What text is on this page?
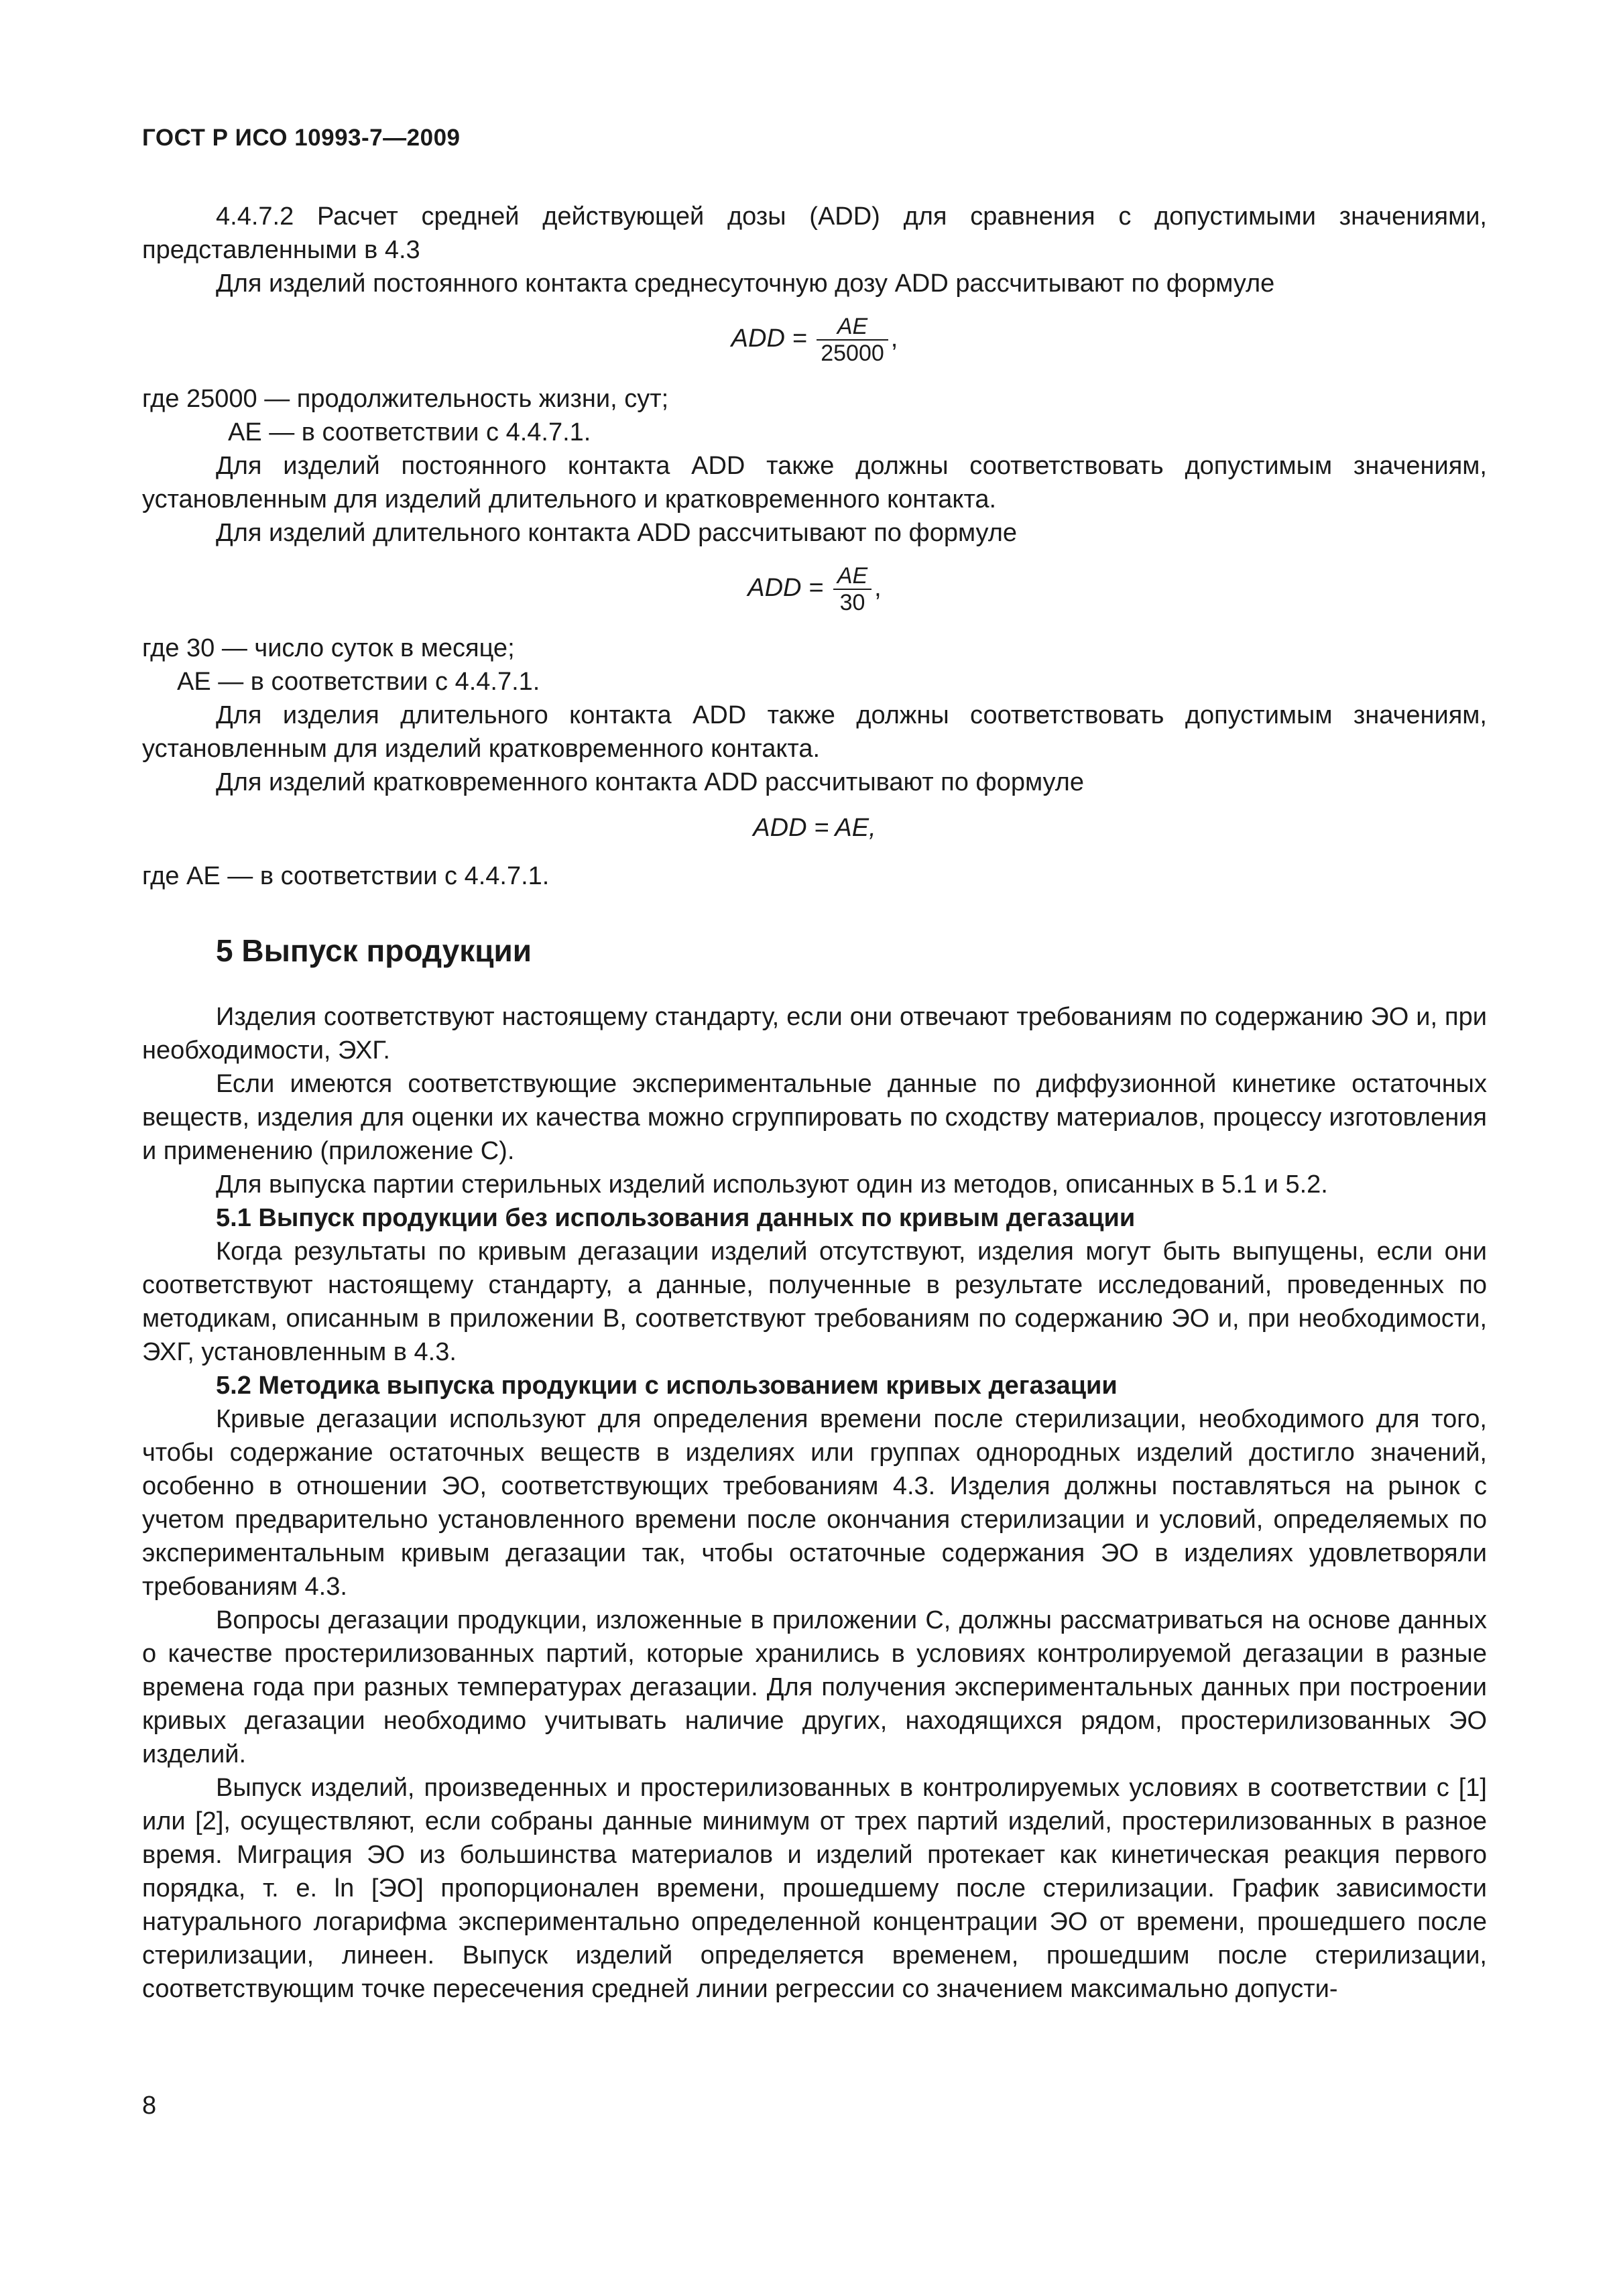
ГОСТ Р ИСО 10993-7—2009

4.4.7.2 Расчет средней действующей дозы (ADD) для сравнения с допустимыми значениями, представленными в 4.3

Для изделий постоянного контакта среднесуточную дозу ADD рассчитывают по формуле

ADD = $\frac{AE}{25000}$ ,

где 25000 — продолжительность жизни, сут;

AE — в соответствии с 4.4.7.1.

Для изделий постоянного контакта ADD также должны соответствовать допустимым значениям, установленным для изделий длительного и кратковременного контакта.

Для изделий длительного контакта ADD рассчитывают по формуле

ADD = $\frac{AE}{30}$ ,

где 30 — число суток в месяце;

AE — в соответствии с 4.4.7.1.

Для изделия длительного контакта ADD также должны соответствовать допустимым значениям, установленным для изделий кратковременного контакта.

Для изделий кратковременного контакта ADD рассчитывают по формуле

ADD = AE,

где AE — в соответствии с 4.4.7.1.

5 Выпуск продукции

Изделия соответствуют настоящему стандарту, если они отвечают требованиям по содержанию ЭО и, при необходимости, ЭХГ.

Если имеются соответствующие экспериментальные данные по диффузионной кинетике остаточных веществ, изделия для оценки их качества можно сгруппировать по сходству материалов, процессу изготовления и применению (приложение С).

Для выпуска партии стерильных изделий используют один из методов, описанных в 5.1 и 5.2.

5.1 Выпуск продукции без использования данных по кривым дегазации

Когда результаты по кривым дегазации изделий отсутствуют, изделия могут быть выпущены, если они соответствуют настоящему стандарту, а данные, полученные в результате исследований, проведенных по методикам, описанным в приложении В, соответствуют требованиям по содержанию ЭО и, при необходимости, ЭХГ, установленным в 4.3.

5.2 Методика выпуска продукции с использованием кривых дегазации

Кривые дегазации используют для определения времени после стерилизации, необходимого для того, чтобы содержание остаточных веществ в изделиях или группах однородных изделий достигло значений, особенно в отношении ЭО, соответствующих требованиям 4.3. Изделия должны поставляться на рынок с учетом предварительно установленного времени после окончания стерилизации и условий, определяемых по экспериментальным кривым дегазации так, чтобы остаточные содержания ЭО в изделиях удовлетворяли требованиям 4.3.

Вопросы дегазации продукции, изложенные в приложении С, должны рассматриваться на основе данных о качестве простерилизованных партий, которые хранились в условиях контролируемой дегазации в разные времена года при разных температурах дегазации. Для получения экспериментальных данных при построении кривых дегазации необходимо учитывать наличие других, находящихся рядом, простерилизованных ЭО изделий.

Выпуск изделий, произведенных и простерилизованных в контролируемых условиях в соответствии с [1] или [2], осуществляют, если собраны данные минимум от трех партий изделий, простерилизованных в разное время. Миграция ЭО из большинства материалов и изделий протекает как кинетическая реакция первого порядка, т. е. ln [ЭО] пропорционален времени, прошедшему после стерилизации. График зависимости натурального логарифма экспериментально определенной концентрации ЭО от времени, прошедшего после стерилизации, линеен. Выпуск изделий определяется временем, прошедшим после стерилизации, соответствующим точке пересечения средней линии регрессии со значением максимально допусти-

8
